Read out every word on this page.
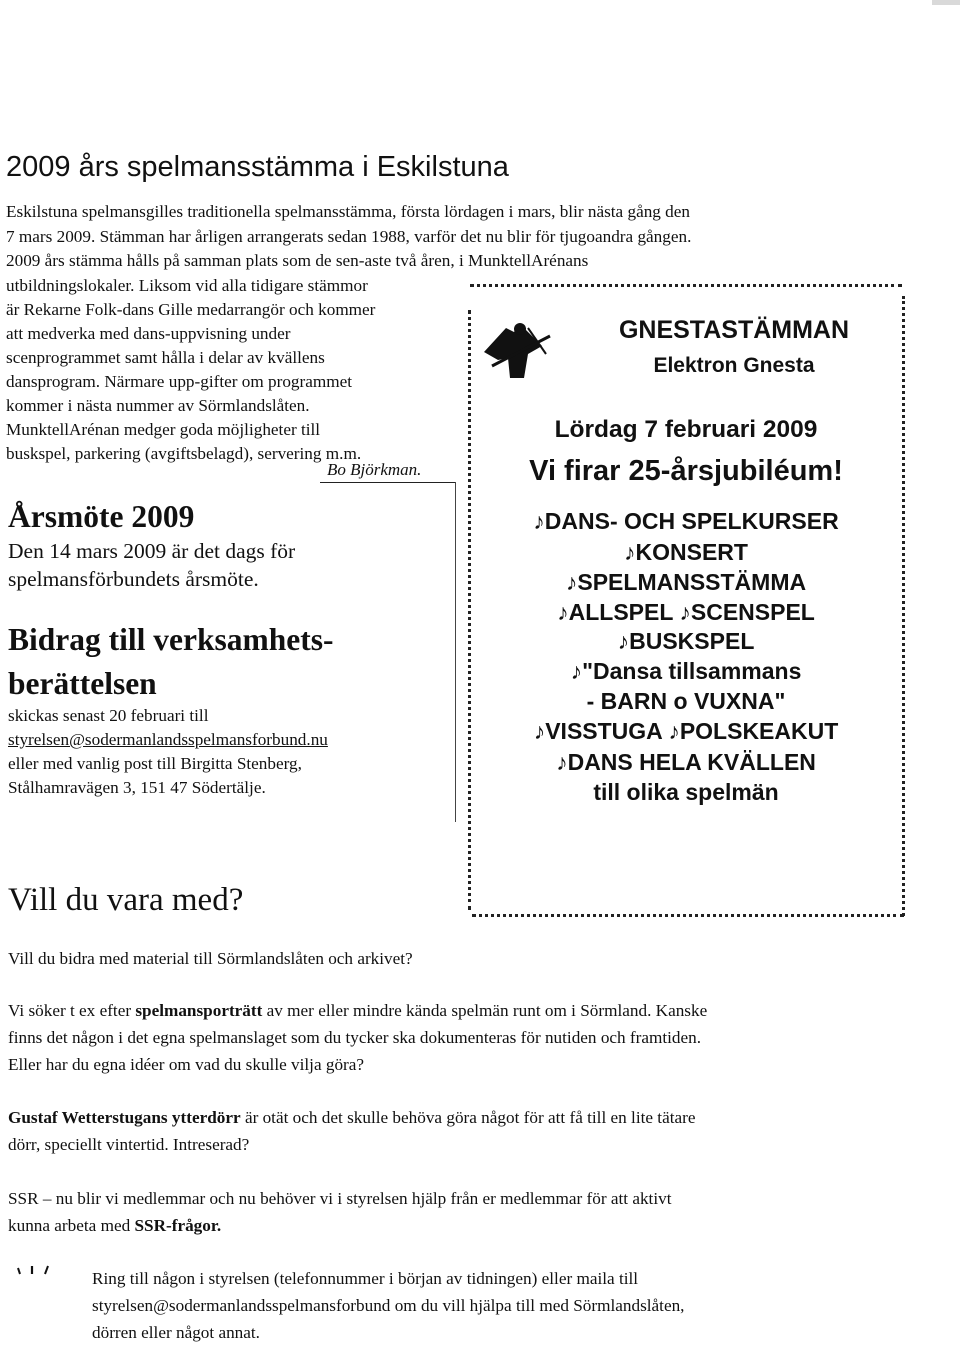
2009 års spelmansstämma i Eskilstuna
Eskilstuna spelmansgilles traditionella spelmansstämma, första lördagen i mars, blir nästa gång den
7 mars 2009. Stämman har årligen arrangerats sedan 1988, varför det nu blir för tjugoandra gången.
2009 års stämma hålls på samman plats som de sen-aste två åren, i MunktellArénans
utbildningslokaler. Liksom vid alla tidigare stämmor
är Rekarne Folk-dans Gille medarrangör och kommer
att medverka med dans-uppvisning under
scenprogrammet samt hålla i delar av kvällens
dansprogram. Närmare upp-gifter om programmet
kommer i nästa nummer av Sörmlandslåten.
MunktellArénan medger goda möjligheter till
buskspel, parkering (avgiftsbelagd), servering m.m.
Bo Björkman.
Årsmöte 2009
Den 14 mars 2009 är det dags för
spelmansförbundets årsmöte.
Bidrag till verksamhets-
berättelsen
skickas senast 20 februari till
styrelsen@sodermanlandsspelmansforbund.nu
eller med vanlig post till Birgitta Stenberg,
Stålhamravägen 3, 151 47 Södertälje.
GNESTASTÄMMAN
Elektron Gnesta
Lördag 7 februari 2009
Vi firar 25-årsjubiléum!
♪DANS- OCH SPELKURSER
♪KONSERT
♪SPELMANSSTÄMMA
♪ALLSPEL ♪SCENSPEL
♪BUSKSPEL
♪"Dansa tillsammans
- BARN o VUXNA"
♪VISSTUGA ♪POLSKEAKUT
♪DANS HELA KVÄLLEN
till olika spelmän
Vill du vara med?
Vill du bidra med material till Sörmlandslåten och arkivet?
Vi söker t ex efter spelmansporträtt av mer eller mindre kända spelmän runt om i Sörmland. Kanske
finns det någon i det egna spelmanslaget som du tycker ska dokumenteras för nutiden och framtiden.
Eller har du egna idéer om vad du skulle vilja göra?
Gustaf Wetterstugans ytterdörr är otät och det skulle behöva göra något för att få till en lite tätare
dörr, speciellt vintertid. Intreserad?
SSR – nu blir vi medlemmar och nu behöver vi i styrelsen hjälp från er medlemmar för att aktivt
kunna arbeta med SSR-frågor.
Ring till någon i styrelsen (telefonnummer i början av tidningen) eller maila till
styrelsen@sodermanlandsspelmansforbund om du vill hjälpa till med Sörmlandslåten,
dörren eller något annat.
